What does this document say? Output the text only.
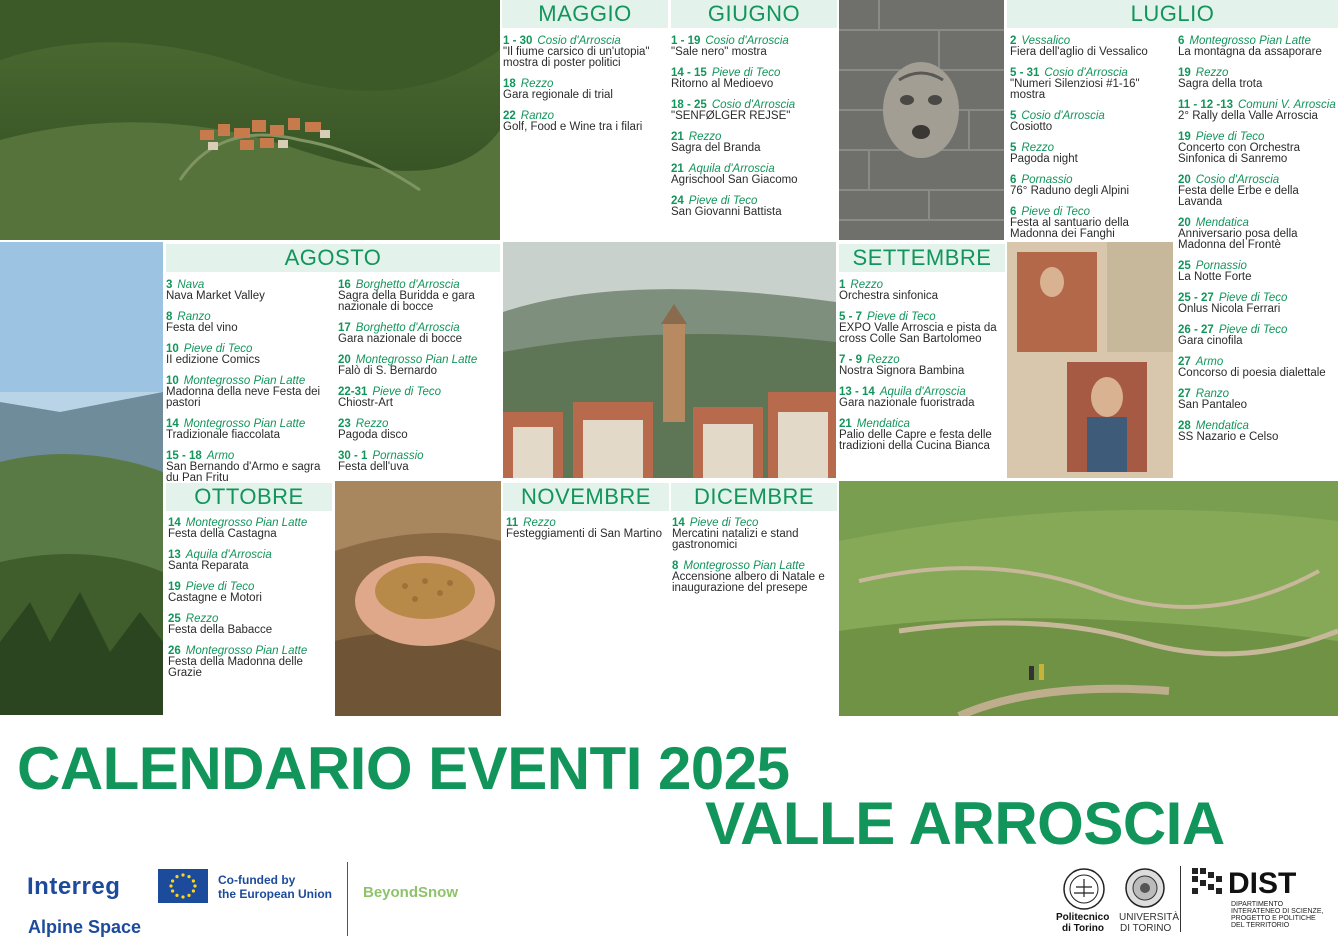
MAGGIO	GIUGNO	LUGLIO
AGOSTO	SETTEMBRE
OTTOBRE	NOVEMBRE	DICEMBRE
1 - 30 Cosio d'Arroscia
"Il fiume carsico di un'utopia" mostra di poster politici
18 Rezzo
Gara regionale di trial
22 Ranzo
Golf, Food e Wine tra i filari
1 - 19 Cosio d'Arroscia
"Sale nero" mostra
14 - 15 Pieve di Teco
Ritorno al Medioevo
18 - 25 Cosio d'Arroscia
"SENFØLGER REJSE"
21 Rezzo
Sagra del Branda
21 Aquila d'Arroscia
Agrischool San Giacomo
24 Pieve di Teco
San Giovanni Battista
2 Vessalico
Fiera dell'aglio di Vessalico
5 - 31 Cosio d'Arroscia
"Numeri Silenziosi #1-16" mostra
5 Cosio d'Arroscia
Cosiotto
5 Rezzo
Pagoda night
6 Pornassio
76° Raduno degli Alpini
6 Pieve di Teco
Festa al santuario della Madonna dei Fanghi
6 Montegrosso Pian Latte
La montagna da assaporare
19 Rezzo
Sagra della trota
11 - 12 -13 Comuni V. Arroscia
2° Rally della Valle Arroscia
19 Pieve di Teco
Concerto con Orchestra Sinfonica di Sanremo
20 Cosio d'Arroscia
Festa delle Erbe e della Lavanda
20 Mendatica
Anniversario posa della Madonna del Frontè
25 Pornassio
La Notte Forte
25 - 27 Pieve di Teco
Onlus Nicola Ferrari
26 - 27 Pieve di Teco
Gara cinofila
27 Armo
Concorso di poesia dialettale
27 Ranzo
San Pantaleo
28 Mendatica
SS Nazario e Celso
3 Nava
Nava Market Valley
8 Ranzo
Festa del vino
10 Pieve di Teco
II edizione Comics
10 Montegrosso Pian Latte
Madonna della neve Festa dei pastori
14 Montegrosso Pian Latte
Tradizionale fiaccolata
15 - 18 Armo
San Bernando d'Armo e sagra du Pan Fritu
16 Borghetto d'Arroscia
Sagra della Buridda e gara nazionale di bocce
17 Borghetto d'Arroscia
Gara nazionale di bocce
20 Montegrosso Pian Latte
Falò di S. Bernardo
22-31 Pieve di Teco
Chiostr-Art
23 Rezzo
Pagoda disco
30 - 1 Pornassio
Festa dell'uva
1 Rezzo
Orchestra sinfonica
5 - 7 Pieve di Teco
EXPO Valle Arroscia e pista da cross Colle San Bartolomeo
7 - 9 Rezzo
Nostra Signora Bambina
13 - 14 Aquila d'Arroscia
Gara nazionale fuoristrada
21 Mendatica
Palio delle Capre e festa delle tradizioni della Cucina Bianca
14 Montegrosso Pian Latte
Festa della Castagna
13 Aquila d'Arroscia
Santa Reparata
19 Pieve di Teco
Castagne e Motori
25 Rezzo
Festa della Babacce
26 Montegrosso Pian Latte
Festa della Madonna delle Grazie
11 Rezzo
Festeggiamenti di San Martino
14 Pieve di Teco
Mercatini natalizi e stand gastronomici
8 Montegrosso Pian Latte
Accensione albero di Natale e inaugurazione del presepe
CALENDARIO EVENTI 2025
VALLE ARROSCIA
Interreg
Alpine Space
Co-funded by
the European Union BeyondSnow
Politecnico
di Torino
UNIVERSITÀ
DI TORINO
DIST
DIPARTIMENTO
INTERATENEO DI SCIENZE,
PROGETTO E POLITICHE
DEL TERRITORIO
